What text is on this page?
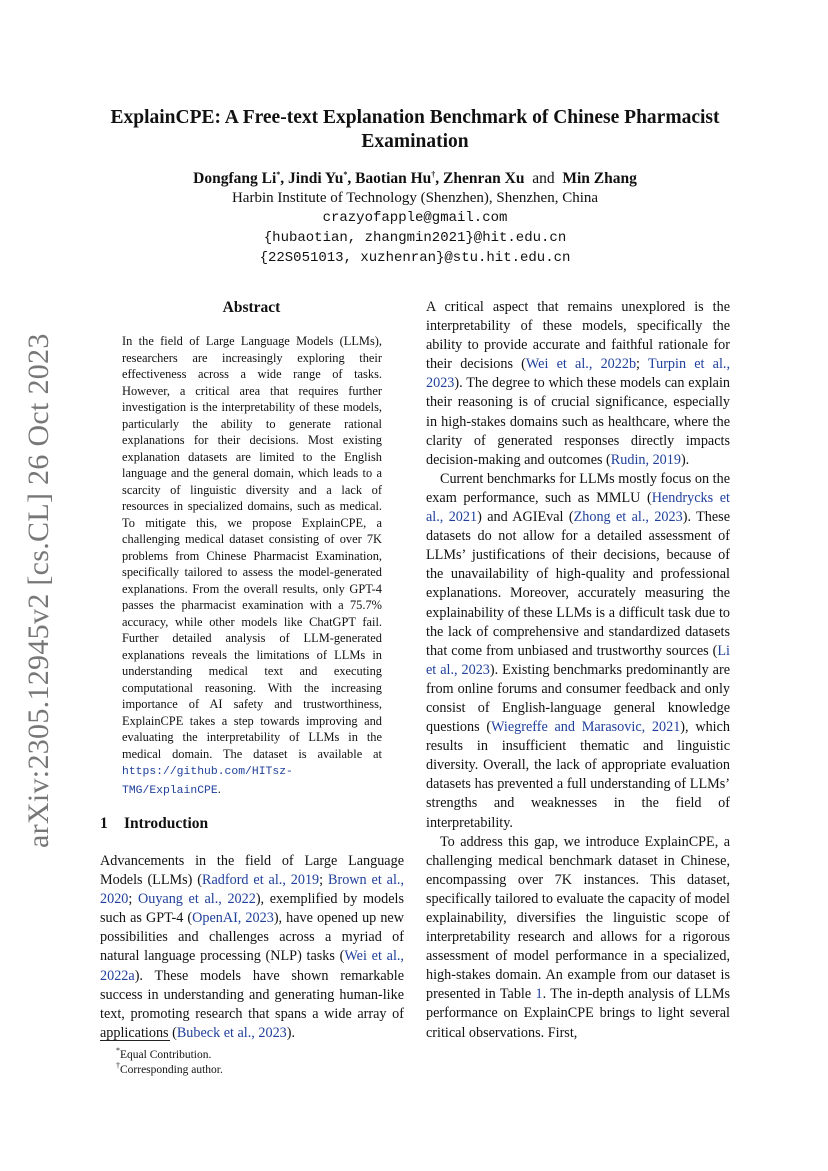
arXiv:2305.12945v2 [cs.CL] 26 Oct 2023
ExplainCPE: A Free-text Explanation Benchmark of Chinese Pharmacist
Examination
Dongfang Li*, Jindi Yu*, Baotian Hu†, Zhenran Xu and Min Zhang
Harbin Institute of Technology (Shenzhen), Shenzhen, China
crazyofapple@gmail.com
{hubaotian, zhangmin2021}@hit.edu.cn
{22S051013, xuzhenran}@stu.hit.edu.cn
Abstract
In the field of Large Language Models (LLMs), researchers are increasingly exploring their effectiveness across a wide range of tasks. However, a critical area that requires further investigation is the interpretability of these models, particularly the ability to generate rational explanations for their decisions. Most existing explanation datasets are limited to the English language and the general domain, which leads to a scarcity of linguistic diversity and a lack of resources in specialized domains, such as medical. To mitigate this, we propose ExplainCPE, a challenging medical dataset consisting of over 7K problems from Chinese Pharmacist Examination, specifically tailored to assess the model-generated explanations. From the overall results, only GPT-4 passes the pharmacist examination with a 75.7% accuracy, while other models like ChatGPT fail. Further detailed analysis of LLM-generated explanations reveals the limitations of LLMs in understanding medical text and executing computational reasoning. With the increasing importance of AI safety and trustworthiness, ExplainCPE takes a step towards improving and evaluating the interpretability of LLMs in the medical domain. The dataset is available at https://github.com/HITsz-TMG/ExplainCPE.
1 Introduction
Advancements in the field of Large Language Models (LLMs) (Radford et al., 2019; Brown et al., 2020; Ouyang et al., 2022), exemplified by models such as GPT-4 (OpenAI, 2023), have opened up new possibilities and challenges across a myriad of natural language processing (NLP) tasks (Wei et al., 2022a). These models have shown remarkable success in understanding and generating human-like text, promoting research that spans a wide array of applications (Bubeck et al., 2023).
*Equal Contribution.
†Corresponding author.

A critical aspect that remains unexplored is the interpretability of these models, specifically the ability to provide accurate and faithful rationale for their decisions (Wei et al., 2022b; Turpin et al., 2023). The degree to which these models can explain their reasoning is of crucial significance, especially in high-stakes domains such as healthcare, where the clarity of generated responses directly impacts decision-making and outcomes (Rudin, 2019).

Current benchmarks for LLMs mostly focus on the exam performance, such as MMLU (Hendrycks et al., 2021) and AGIEval (Zhong et al., 2023). These datasets do not allow for a detailed assessment of LLMs’ justifications of their decisions, because of the unavailability of high-quality and professional explanations. Moreover, accurately measuring the explainability of these LLMs is a difficult task due to the lack of comprehensive and standardized datasets that come from unbiased and trustworthy sources (Li et al., 2023). Existing benchmarks predominantly are from online forums and consumer feedback and only consist of English-language general knowledge questions (Wiegreffe and Marasovic, 2021), which results in insufficient thematic and linguistic diversity. Overall, the lack of appropriate evaluation datasets has prevented a full understanding of LLMs’ strengths and weaknesses in the field of interpretability.

To address this gap, we introduce ExplainCPE, a challenging medical benchmark dataset in Chinese, encompassing over 7K instances. This dataset, specifically tailored to evaluate the capacity of model explainability, diversifies the linguistic scope of interpretability research and allows for a rigorous assessment of model performance in a specialized, high-stakes domain. An example from our dataset is presented in Table 1. The in-depth analysis of LLMs performance on ExplainCPE brings to light several critical observations. First,
